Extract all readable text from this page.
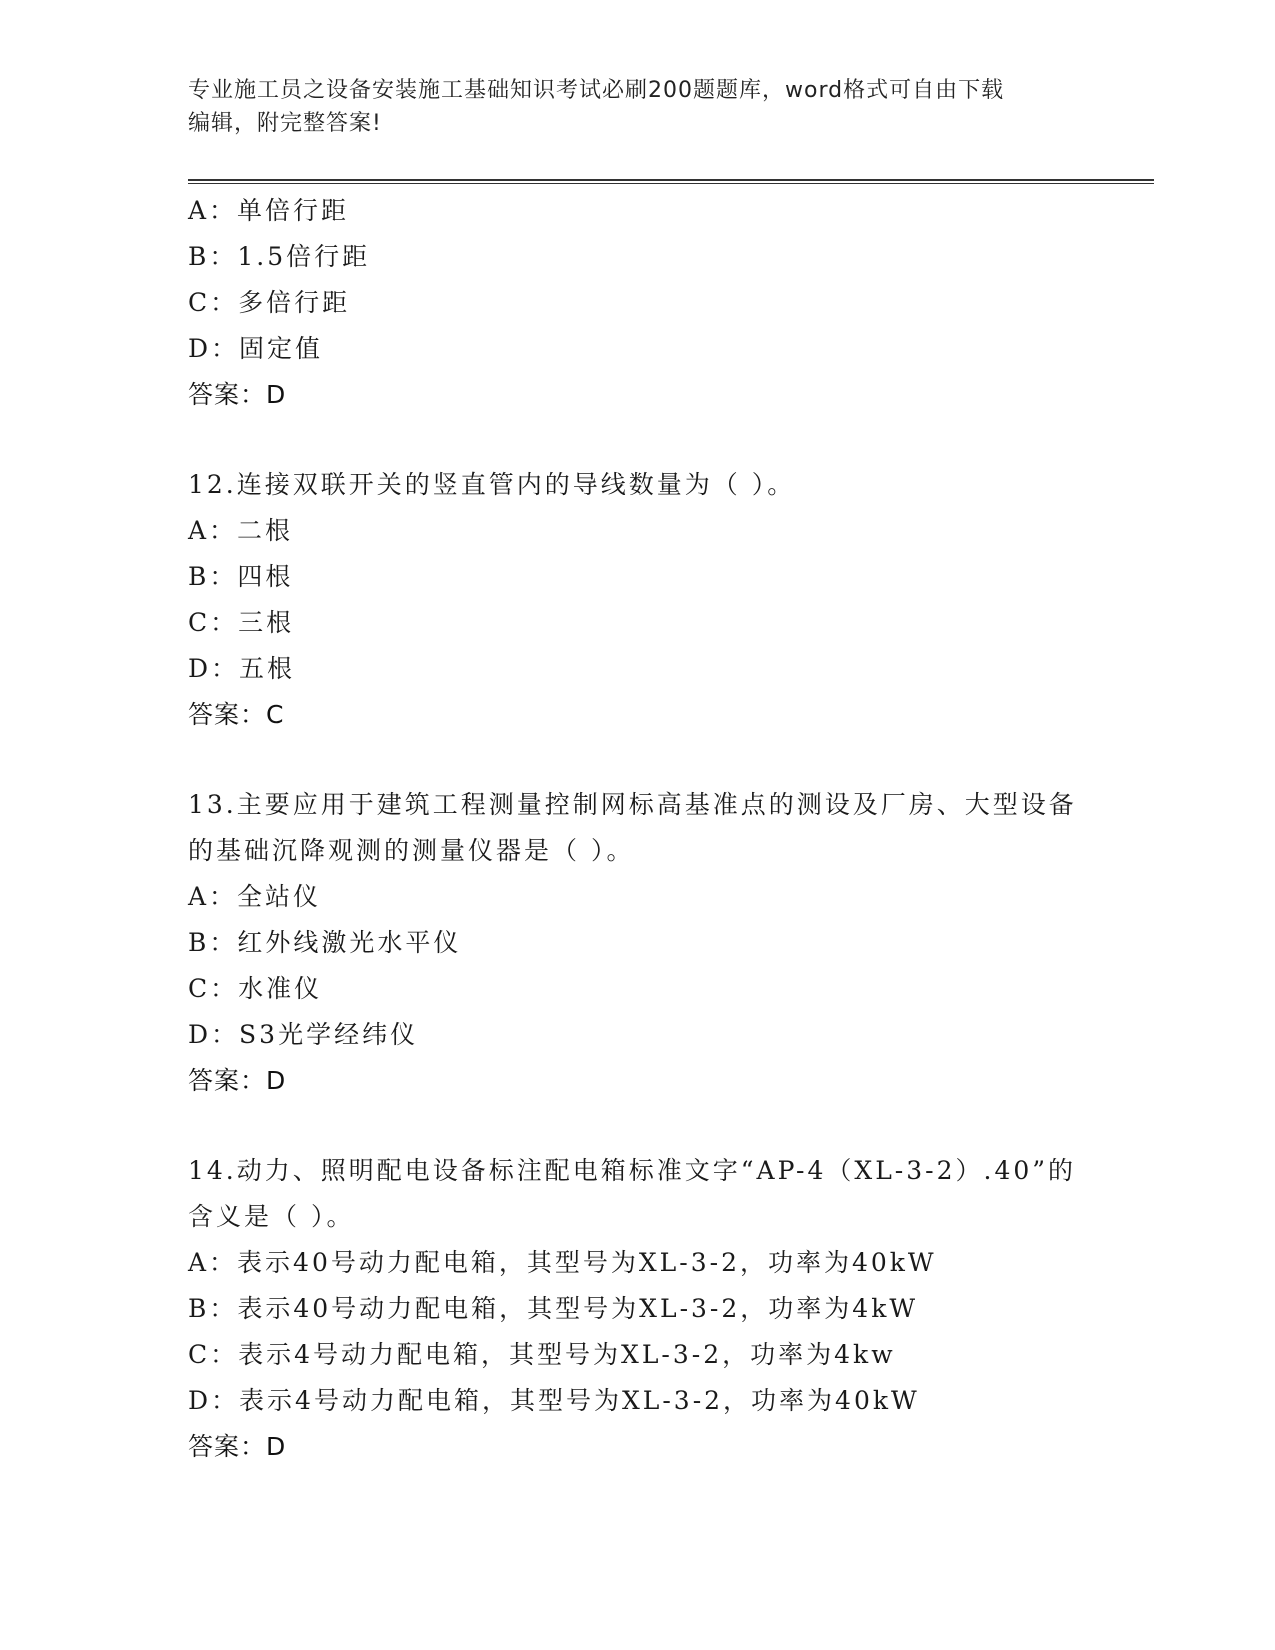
专业施工员之设备安装施工基础知识考试必刷200题题库，word格式可自由下载
编辑，附完整答案!
A：单倍行距
B：1.5倍行距
C：多倍行距
D：固定值
答案：D
12.连接双联开关的竖直管内的导线数量为（ ）。
A：二根
B：四根
C：三根
D：五根
答案：C
13.主要应用于建筑工程测量控制网标高基准点的测设及厂房、大型设备的基础沉降观测的测量仪器是（ ）。
A：全站仪
B：红外线激光水平仪
C：水准仪
D：S3光学经纬仪
答案：D
14.动力、照明配电设备标注配电箱标准文字“AP-4（XL-3-2）.40”的含义是（ ）。
A：表示40号动力配电箱，其型号为XL-3-2，功率为40kW
B：表示40号动力配电箱，其型号为XL-3-2，功率为4kW
C：表示4号动力配电箱，其型号为XL-3-2，功率为4kw
D：表示4号动力配电箱，其型号为XL-3-2，功率为40kW
答案：D
